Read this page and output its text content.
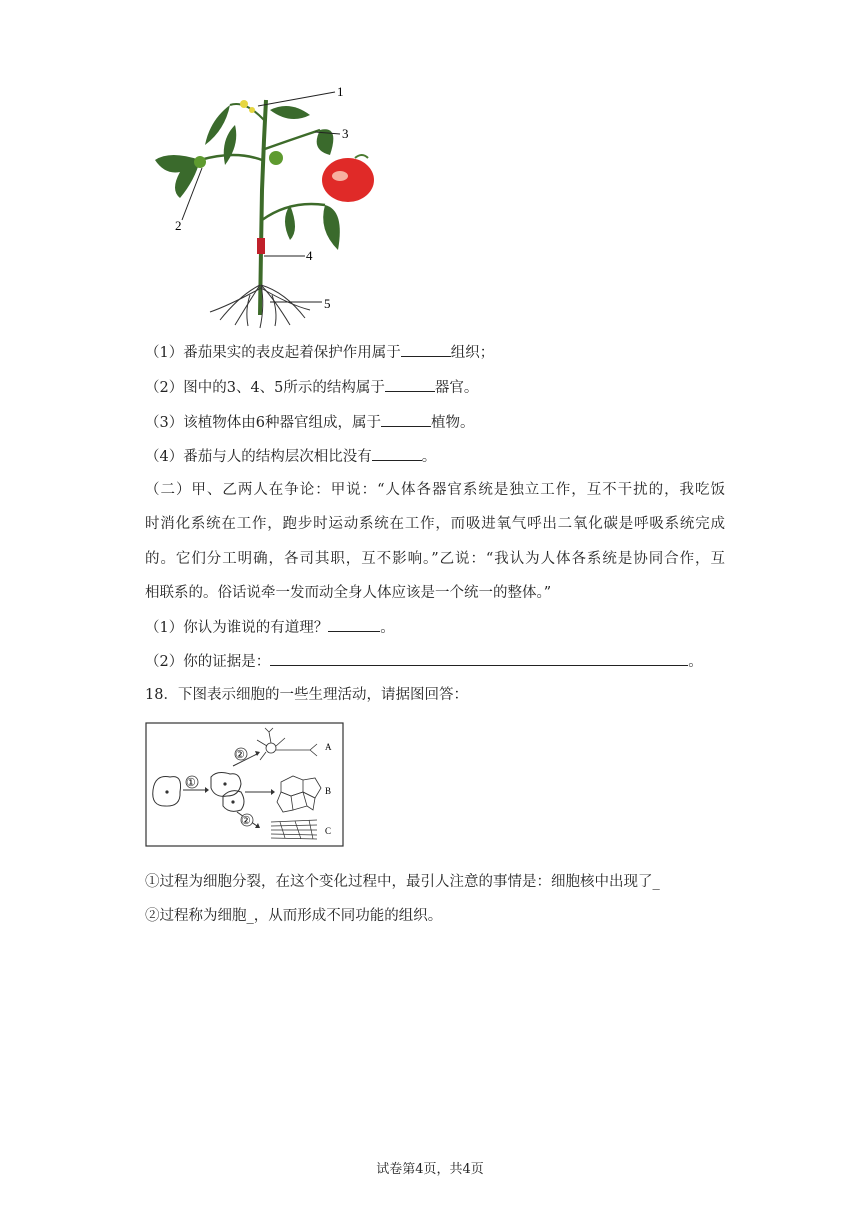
1
3
2
4
5
（1）番茄果实的表皮起着保护作用属于	组织；
（2）图中的3、4、5所示的结构属于	器官。
（3）该植物体由6种器官组成，属于	植物。
（4）番茄与人的结构层次相比没有	。
（二）甲、乙两人在争论：甲说：“人体各器官系统是独立工作，互不干扰的，我吃饭
时消化系统在工作，跑步时运动系统在工作，而吸进氧气呼出二氧化碳是呼吸系统完成
的。它们分工明确，各司其职，互不影响。”乙说：“我认为人体各系统是协同合作，互
相联系的。俗话说牵一发而动全身人体应该是一个统一的整体。”
（1）你认为谁说的有道理？	。
（2）你的证据是：	。
18．下图表示细胞的一些生理活动，请据图回答：
①
②
A
B
②
C
①过程为细胞分裂，在这个变化过程中，最引人注意的事情是：细胞核中出现了_
②过程称为细胞_，从而形成不同功能的组织。
试卷第4页，共4页
